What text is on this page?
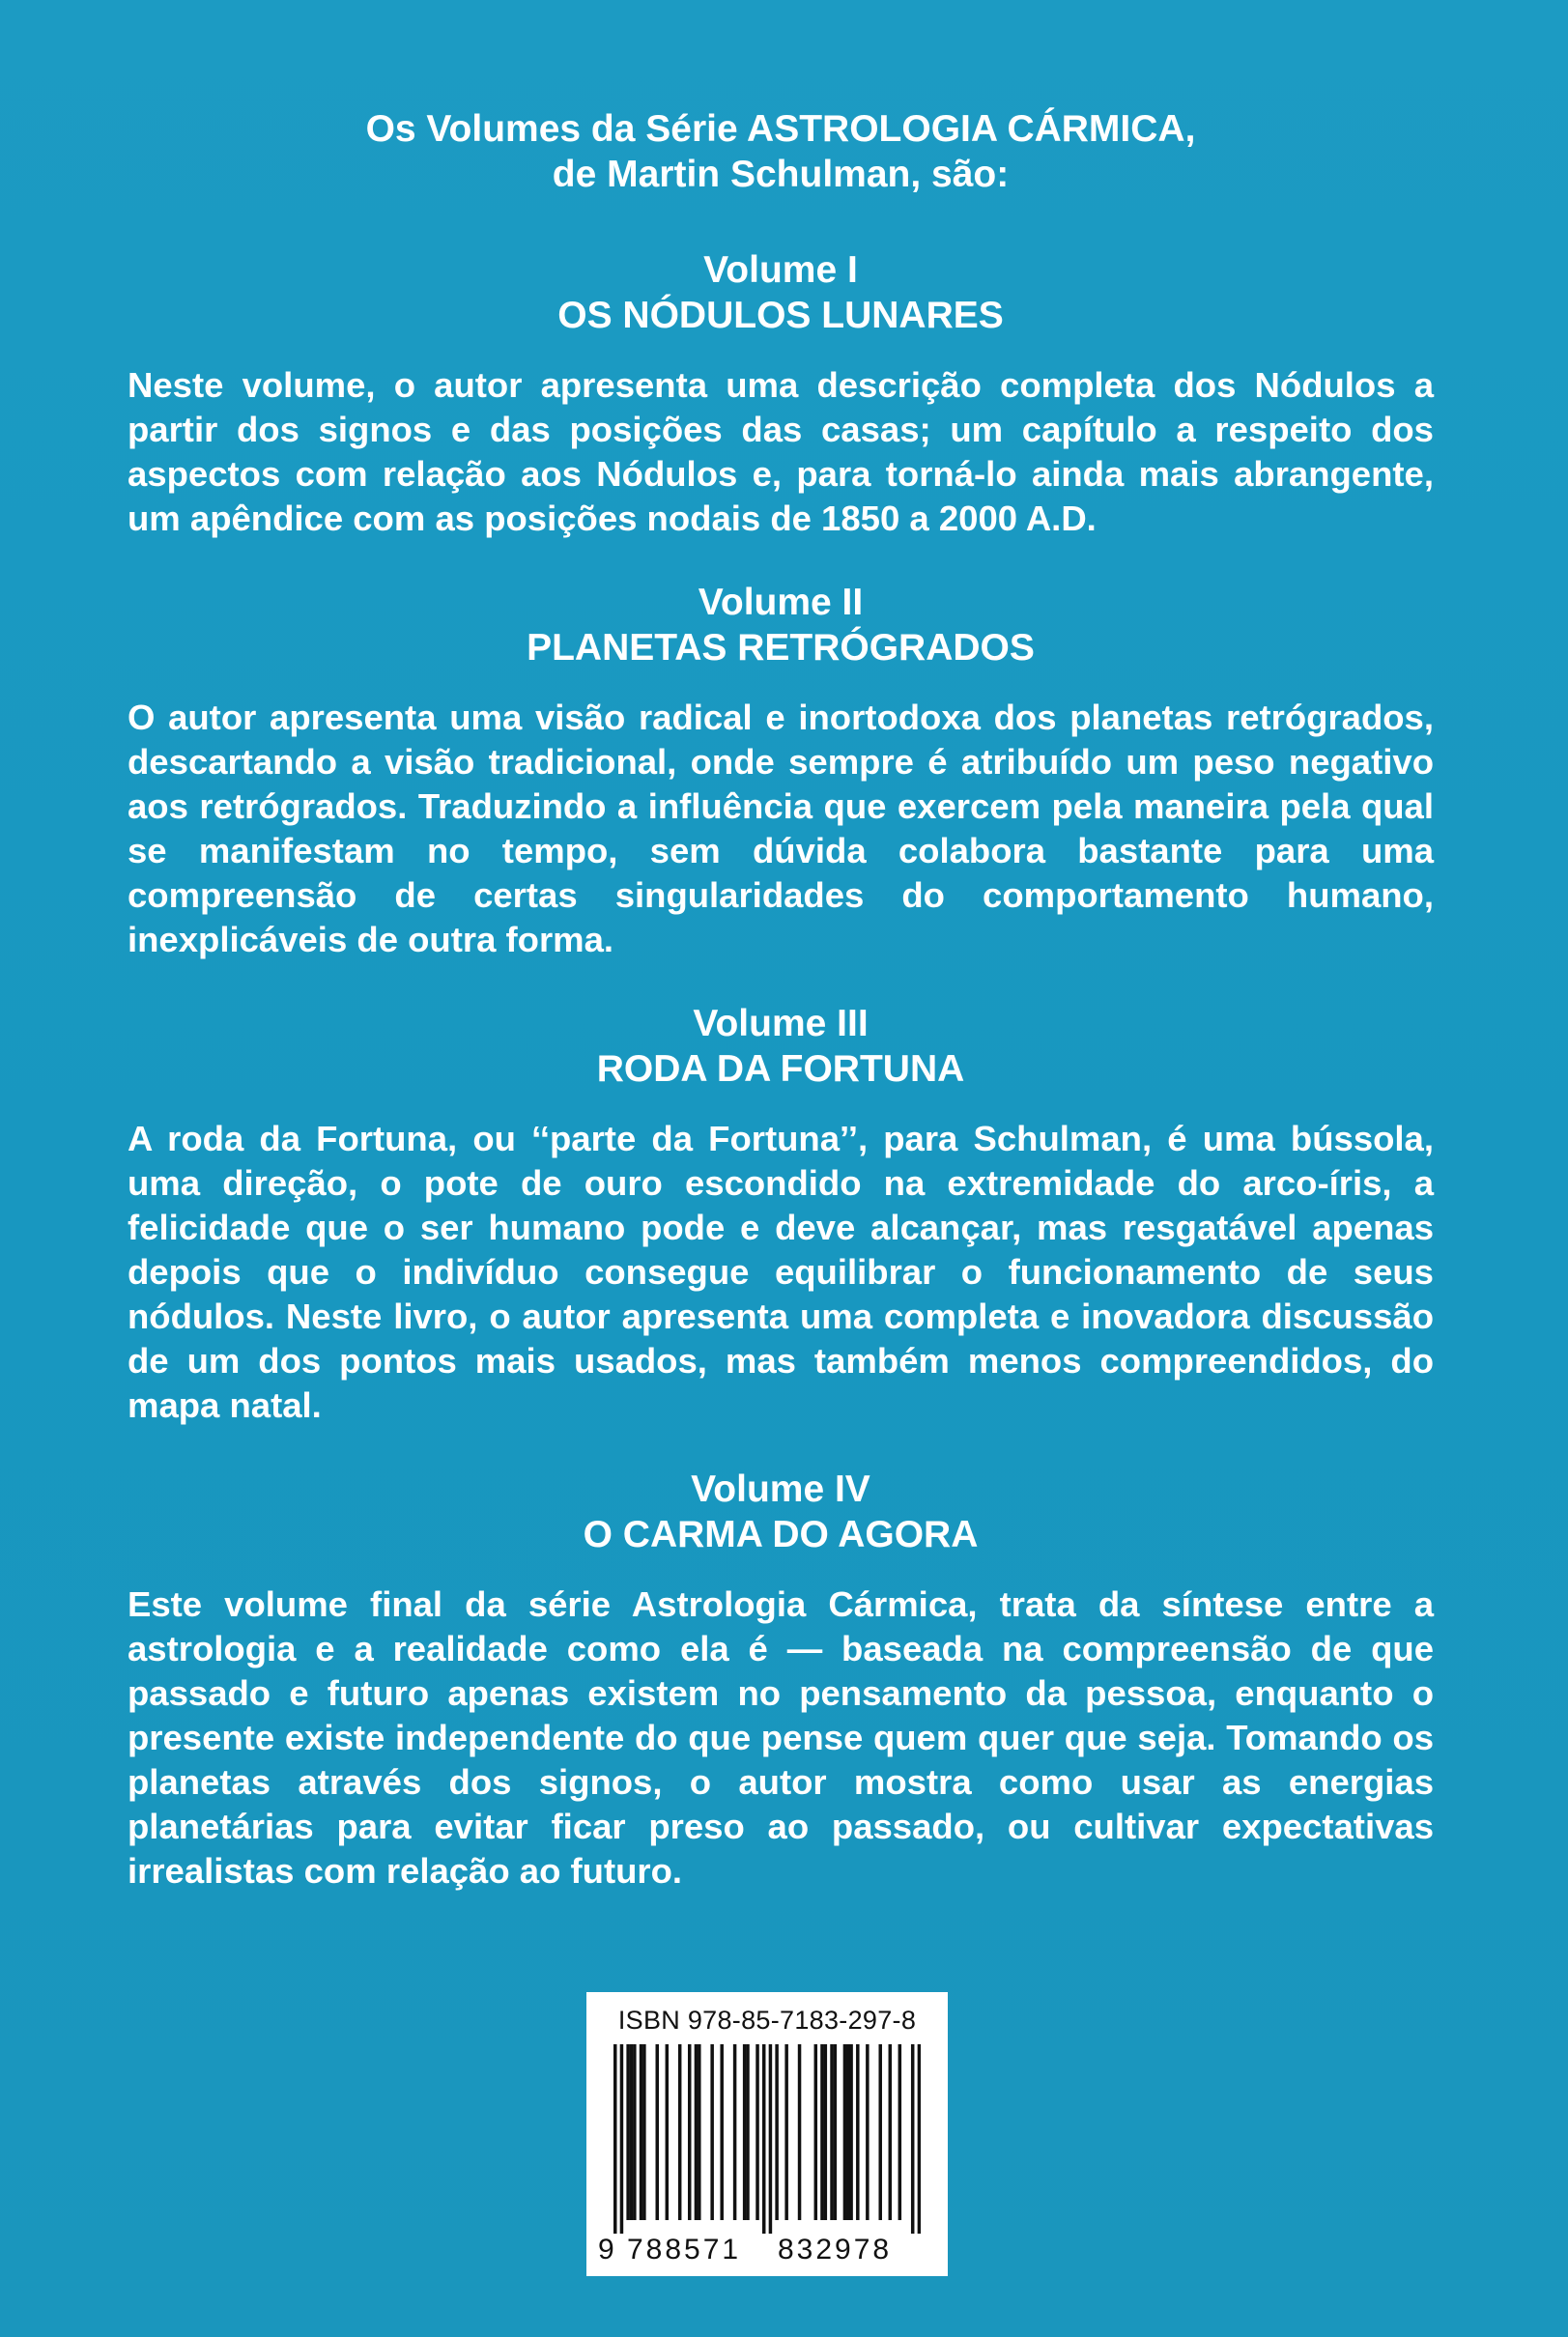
Os Volumes da Série ASTROLOGIA CÁRMICA,
de Martin Schulman, são:
Volume I
OS NÓDULOS LUNARES

Neste volume, o autor apresenta uma descrição completa dos Nódulos a partir dos signos e das posições das casas; um capítulo a respeito dos aspectos com relação aos Nódulos e, para torná-lo ainda mais abrangente, um apêndice com as posições nodais de 1850 a 2000 A.D.

Volume II
PLANETAS RETRÓGRADOS

O autor apresenta uma visão radical e inortodoxa dos planetas retrógrados, descartando a visão tradicional, onde sempre é atribuído um peso negativo aos retrógrados. Traduzindo a influência que exercem pela maneira pela qual se manifestam no tempo, sem dúvida colabora bastante para uma compreensão de certas singularidades do comportamento humano, inexplicáveis de outra forma.

Volume III
RODA DA FORTUNA

A roda da Fortuna, ou ‘‘parte da Fortuna’’, para Schulman, é uma bússola, uma direção, o pote de ouro escondido na extremidade do arco-íris, a felicidade que o ser humano pode e deve alcançar, mas resgatável apenas depois que o indivíduo consegue equilibrar o funcionamento de seus nódulos. Neste livro, o autor apresenta uma completa e inovadora discussão de um dos pontos mais usados, mas também menos compreendidos, do mapa natal.

Volume IV
O CARMA DO AGORA

Este volume final da série Astrologia Cármica, trata da síntese entre a astrologia e a realidade como ela é — baseada na compreensão de que passado e futuro apenas existem no pensamento da pessoa, enquanto o presente existe independente do que pense quem quer que seja. Tomando os planetas através dos signos, o autor mostra como usar as energias planetárias para evitar ficar preso ao passado, ou cultivar expectativas irrealistas com relação ao futuro.

ISBN 978-85-7183-297-8
9 788571 832978
